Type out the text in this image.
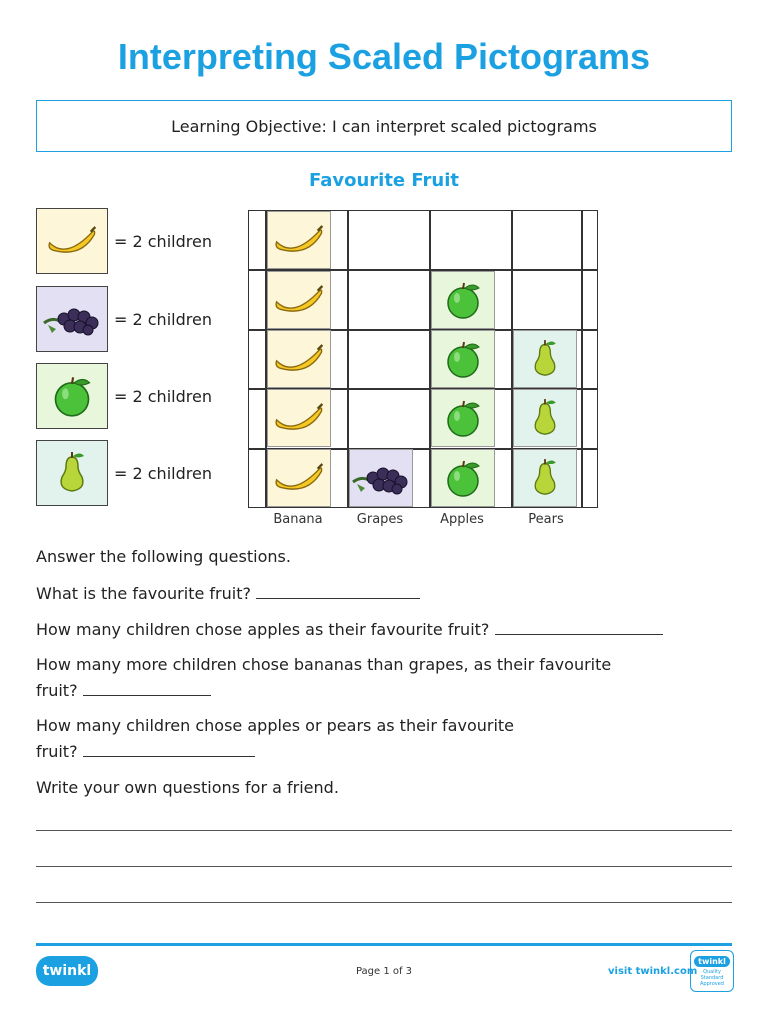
Interpreting Scaled Pictograms
Learning Objective: I can interpret scaled pictograms
Favourite Fruit
= 2 children
= 2 children
= 2 children
= 2 children
Banana	Grapes	Apples	Pears
Answer the following questions.
What is the favourite fruit?
How many children chose apples as their favourite fruit?
How many more children chose bananas than grapes, as their favourite
fruit?
How many children chose apples or pears as their favourite
fruit?
Write your own questions for a friend.
twinkl	Page 1 of 3	visit twinkl.com
twinkl
Quality Standard Approved
